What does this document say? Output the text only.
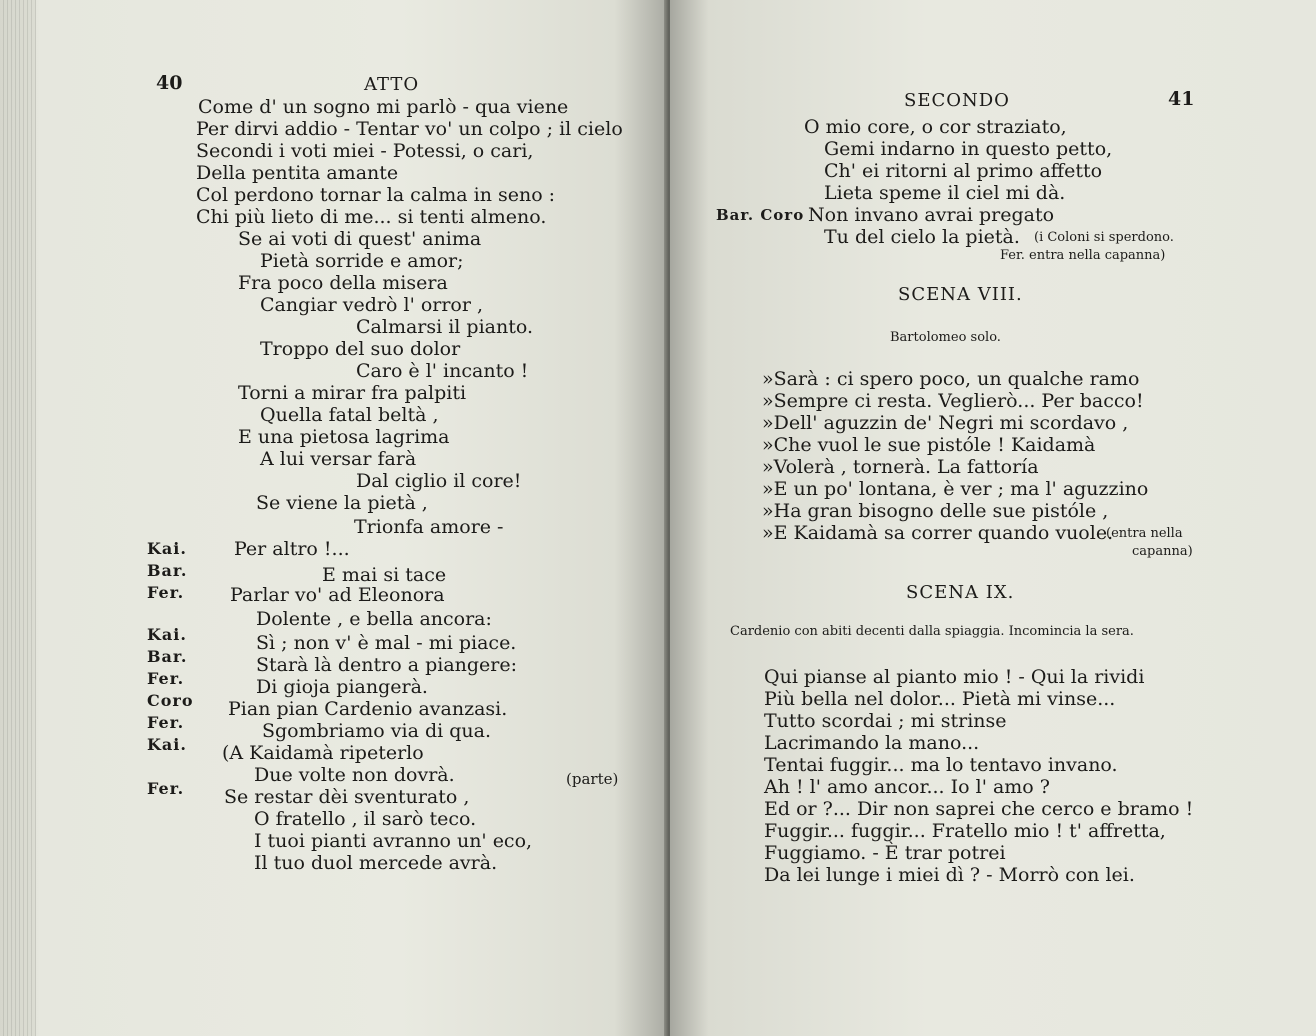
40	ATTO
Come d' un sogno mi parlò - qua viene
Per dirvi addio - Tentar vo' un colpo ; il cielo
Secondi i voti miei - Potessi, o cari,
Della pentita amante
Col perdono tornar la calma in seno :
Chi più lieto di me... si tenti almeno.
Se ai voti di quest' anima
Pietà sorride e amor;
Fra poco della misera
Cangiar vedrò l' orror ,
Calmarsi il pianto.
Troppo del suo dolor
Caro è l' incanto !
Torni a mirar fra palpiti
Quella fatal beltà ,
E una pietosa lagrima
A lui versar farà
Dal ciglio il core!
Se viene la pietà ,
Trionfa amore -
Kai. Per altro !...
Bar.	E mai si tace
Fer. Parlar vo' ad Eleonora
Dolente , e bella ancora:
Kai.	Sì ; non v' è mal - mi piace.
Bar.	Starà là dentro a piangere:
Fer.	Di gioja piangerà.
Coro Pian pian Cardenio avanzasi.
Fer.	Sgombriamo via di qua.
Kai. (A Kaidamà ripeterlo
Due volte non dovrà.	(parte)
Fer. Se restar dèi sventurato ,
O fratello , il sarò teco.
I tuoi pianti avranno un' eco,
Il tuo duol mercede avrà.
SECONDO	41
O mio core, o cor straziato,
Gemi indarno in questo petto,
Ch' ei ritorni al primo affetto
Lieta speme il ciel mi dà.
Bar. Coro Non invano avrai pregato
Tu del cielo la pietà. (i Coloni si sperdono.
Fer. entra nella capanna)
SCENA VIII.
Bartolomeo solo.
»Sarà : ci spero poco, un qualche ramo
»Sempre ci resta. Veglierò... Per bacco!
»Dell' aguzzin de' Negri mi scordavo ,
»Che vuol le sue pistóle ! Kaidamà
»Volerà , tornerà. La fattoría
»E un po' lontana, è ver ; ma l' aguzzino
»Ha gran bisogno delle sue pistóle ,
»E Kaidamà sa correr quando vuole.
(entra nella
capanna)
SCENA IX.
Cardenio con abiti decenti dalla spiaggia. Incomincia la sera.
Qui pianse al pianto mio ! - Qui la rividi
Più bella nel dolor... Pietà mi vinse...
Tutto scordai ; mi strinse
Lacrimando la mano...
Tentai fuggir... ma lo tentavo invano.
Ah ! l' amo ancor... Io l' amo ?
Ed or ?... Dir non saprei che cerco e bramo !
Fuggir... fuggir... Fratello mio ! t' affretta,
Fuggiamo. - È trar potrei
Da lei lunge i miei dì ? - Morrò con lei.
